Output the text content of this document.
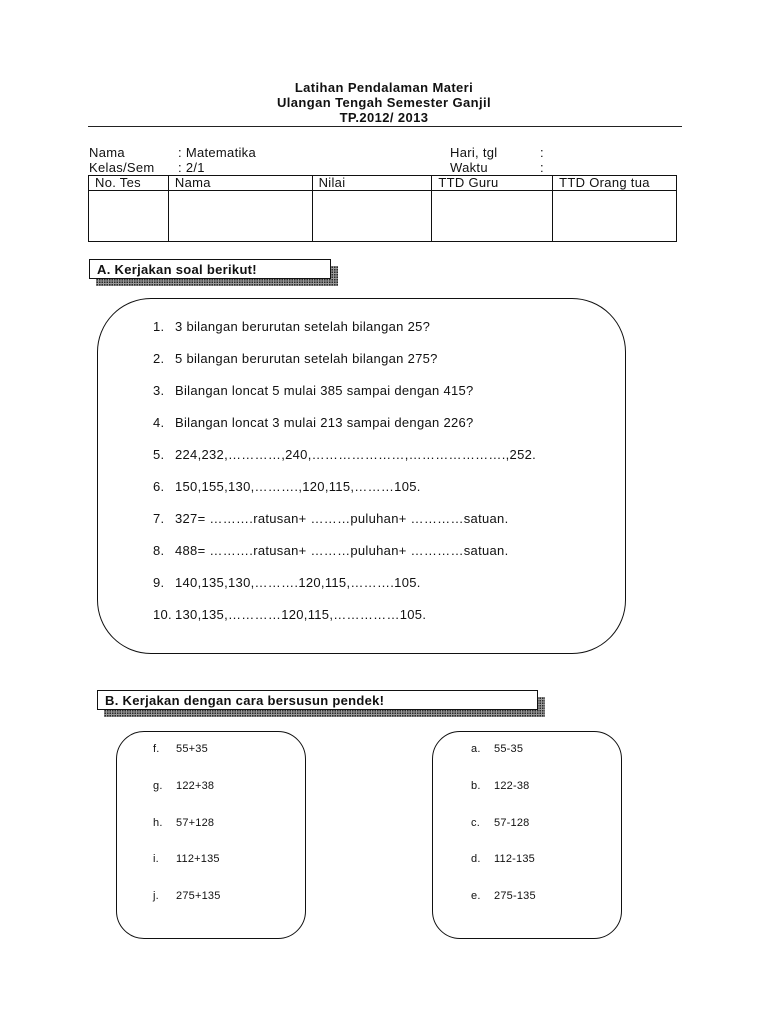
Latihan Pendalaman Materi
Ulangan Tengah Semester Ganjil
TP.2012/ 2013
Nama	: Matematika
Kelas/Sem : 2/1
Hari, tgl	:
Waktu	:
No. Tes	Nama	Nilai	TTD Guru	TTD Orang tua

A. Kerjakan soal berikut!
1. 3 bilangan berurutan setelah bilangan 25?
2. 5 bilangan berurutan setelah bilangan 275?
3. Bilangan loncat 5 mulai 385 sampai dengan 415?
4. Bilangan loncat 3 mulai 213 sampai dengan 226?
5. 224,232,…………,240,…………………,………………….,252.
6. 150,155,130,……….,120,115,………105.
7. 327= ……….ratusan+ ………puluhan+ …………satuan.
8. 488= ……….ratusan+ ………puluhan+ …………satuan.
9. 140,135,130,……….120,115,……….105.
10. 130,135,…………120,115,……………105.
B. Kerjakan dengan cara bersusun pendek!
f.	55+35
g.	122+38
h.	57+128
i.	112+135
j.	275+135
a.	55-35
b.	122-38
c.	57-128
d.	112-135
e.	275-135
